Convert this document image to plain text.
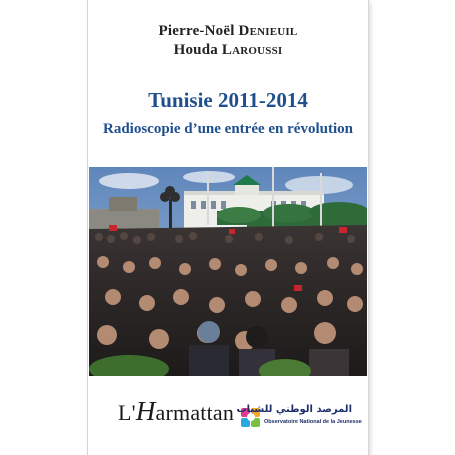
Pierre-Noël Denieuil
Houda Laroussi
Tunisie 2011-2014
Radioscopie d’une entrée en révolution
L'Harmattan المرصد الوطني للشباب
Observatoire National de la Jeunesse
